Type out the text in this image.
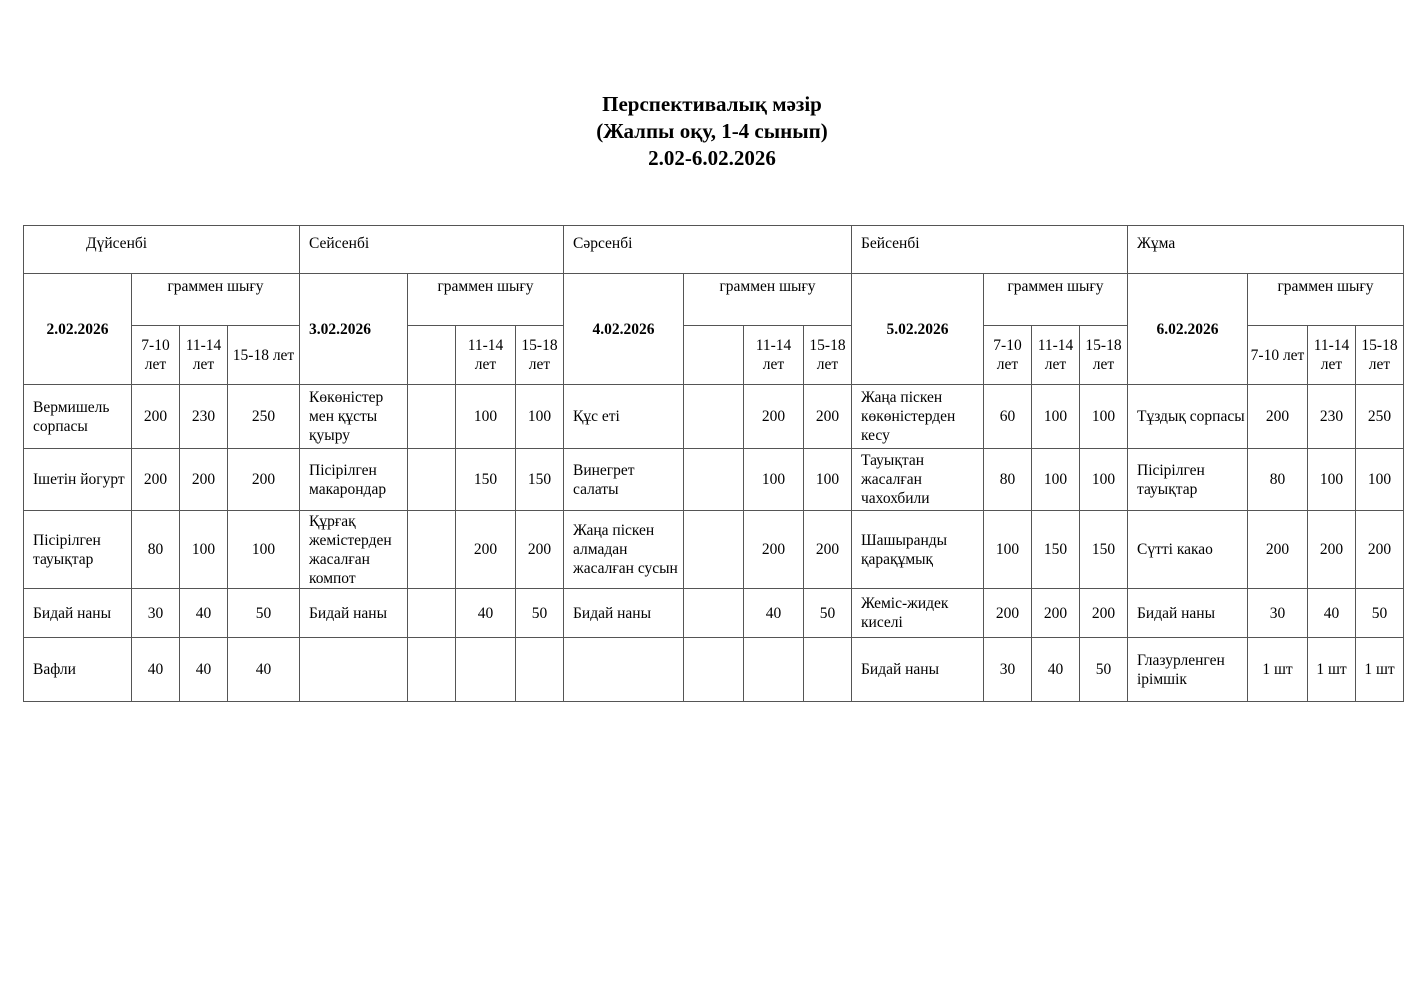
Перспективалық мәзір
(Жалпы оқу, 1-4 сынып)
2.02-6.02.2026
Дүйсенбі				Сейсенбі				Сәрсенбі				Бейсенбі				Жұма			
2.02.2026	граммен шығу			3.02.2026	граммен шығу			4.02.2026	граммен шығу			5.02.2026	граммен шығу			6.02.2026	граммен шығу		
	7-10 лет	11-14 лет	15-18 лет			11-14 лет	15-18 лет			11-14 лет	15-18 лет		7-10 лет	11-14 лет	15-18 лет		7-10 лет	11-14 лет	15-18 лет
Вермишель сорпасы	200	230	250	Көкөністер мен құсты қуыру		100	100	Құс еті		200	200	Жаңа піскен көкөністерден кесу	60	100	100	Тұздық сорпасы	200	230	250
Ішетін йогурт	200	200	200	Пісірілген макарондар		150	150	Винегрет салаты		100	100	Тауықтан жасалған чахохбили	80	100	100	Пісірілген тауықтар	80	100	100
Пісірілген тауықтар	80	100	100	Құрғақ жемістерден жасалған компот		200	200	Жаңа піскен алмадан жасалған сусын		200	200	Шашыранды қарақұмық	100	150	150	Сүтті какао	200	200	200
Бидай наны	30	40	50	Бидай наны		40	50	Бидай наны		40	50	Жеміс-жидек киселі	200	200	200	Бидай наны	30	40	50
Вафли	40	40	40									Бидай наны	30	40	50	Глазурленген ірімшік	1 шт	1 шт	1 шт
